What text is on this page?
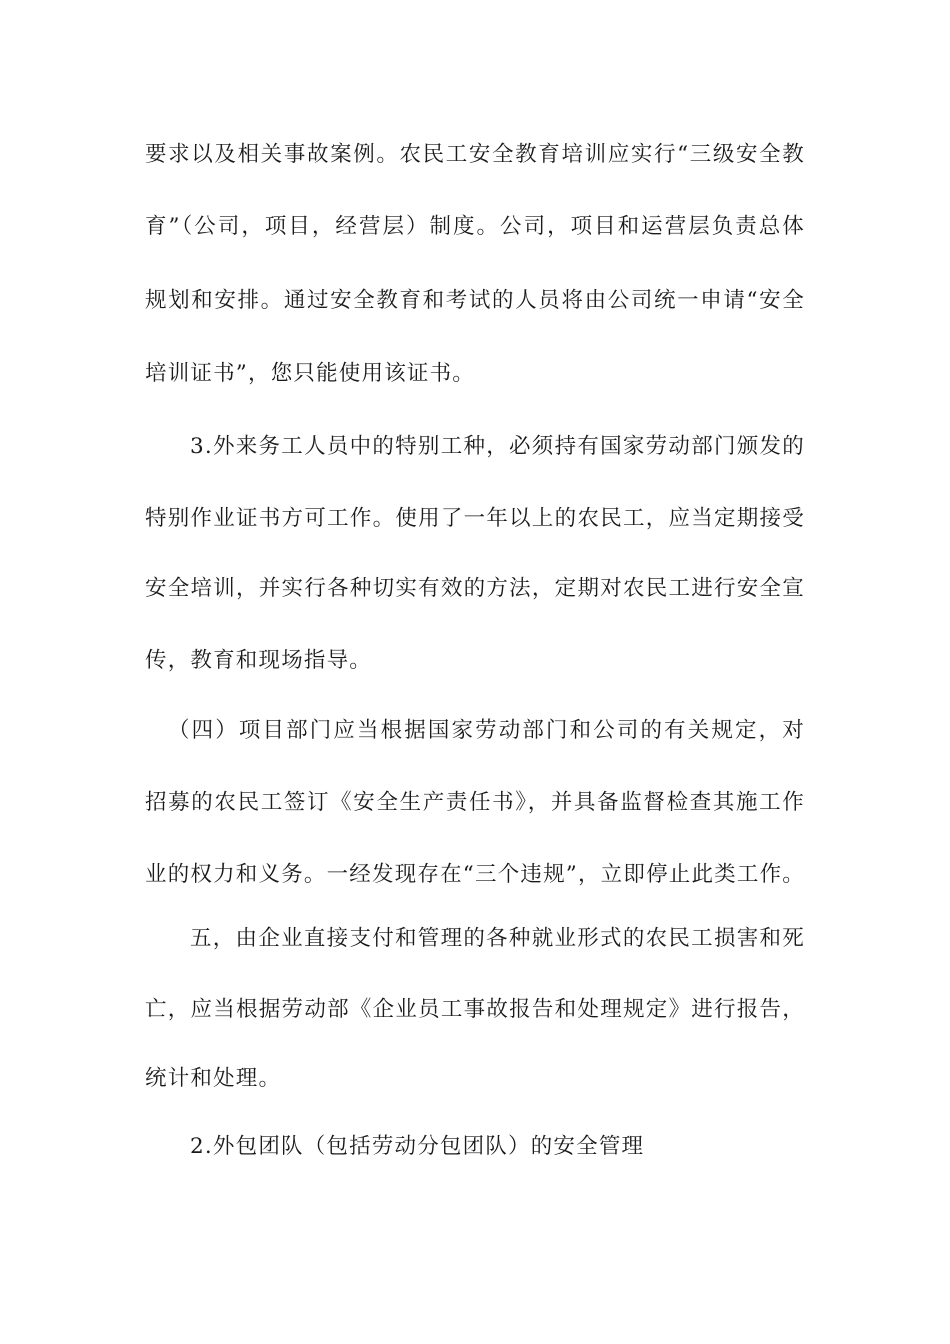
要求以及相关事故案例。农民工安全教育培训应实行“三级安全教
育”（公司，项目，经营层）制度。公司，项目和运营层负责总体
规划和安排。通过安全教育和考试的人员将由公司统一申请“安全
培训证书”，您只能使用该证书。
3.外来务工人员中的特别工种，必须持有国家劳动部门颁发的
特别作业证书方可工作。使用了一年以上的农民工，应当定期接受
安全培训，并实行各种切实有效的方法，定期对农民工进行安全宣
传，教育和现场指导。
（四）项目部门应当根据国家劳动部门和公司的有关规定，对
招募的农民工签订《安全生产责任书》，并具备监督检查其施工作
业的权力和义务。一经发现存在“三个违规”，立即停止此类工作。
五，由企业直接支付和管理的各种就业形式的农民工损害和死
亡，应当根据劳动部《企业员工事故报告和处理规定》进行报告，
统计和处理。
2.外包团队（包括劳动分包团队）的安全管理
